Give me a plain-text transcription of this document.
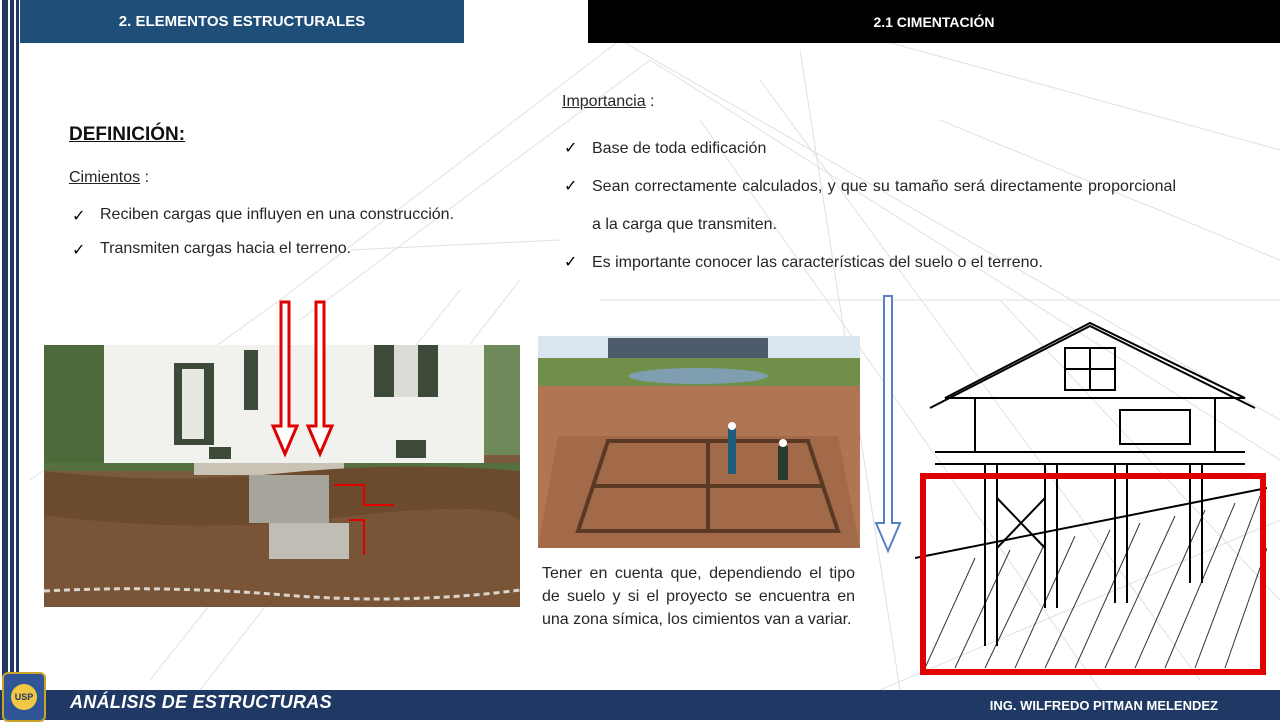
2. ELEMENTOS ESTRUCTURALES	2.1 CIMENTACIÓN
DEFINICIÓN:
Cimientos :
✓ Reciben cargas que influyen en una construcción.
✓ Transmiten cargas hacia el terreno.
Importancia :
✓ Base de toda edificación
✓ Sean correctamente calculados, y que su tamaño será directamente proporcional a la carga que transmiten.
✓ Es importante conocer las características del suelo o el terreno.
Tener en cuenta que, dependiendo el tipo de suelo y si el proyecto se encuentra en una zona símica, los cimientos van a variar.
USP ANÁLISIS DE ESTRUCTURAS	ING. WILFREDO PITMAN MELENDEZ
